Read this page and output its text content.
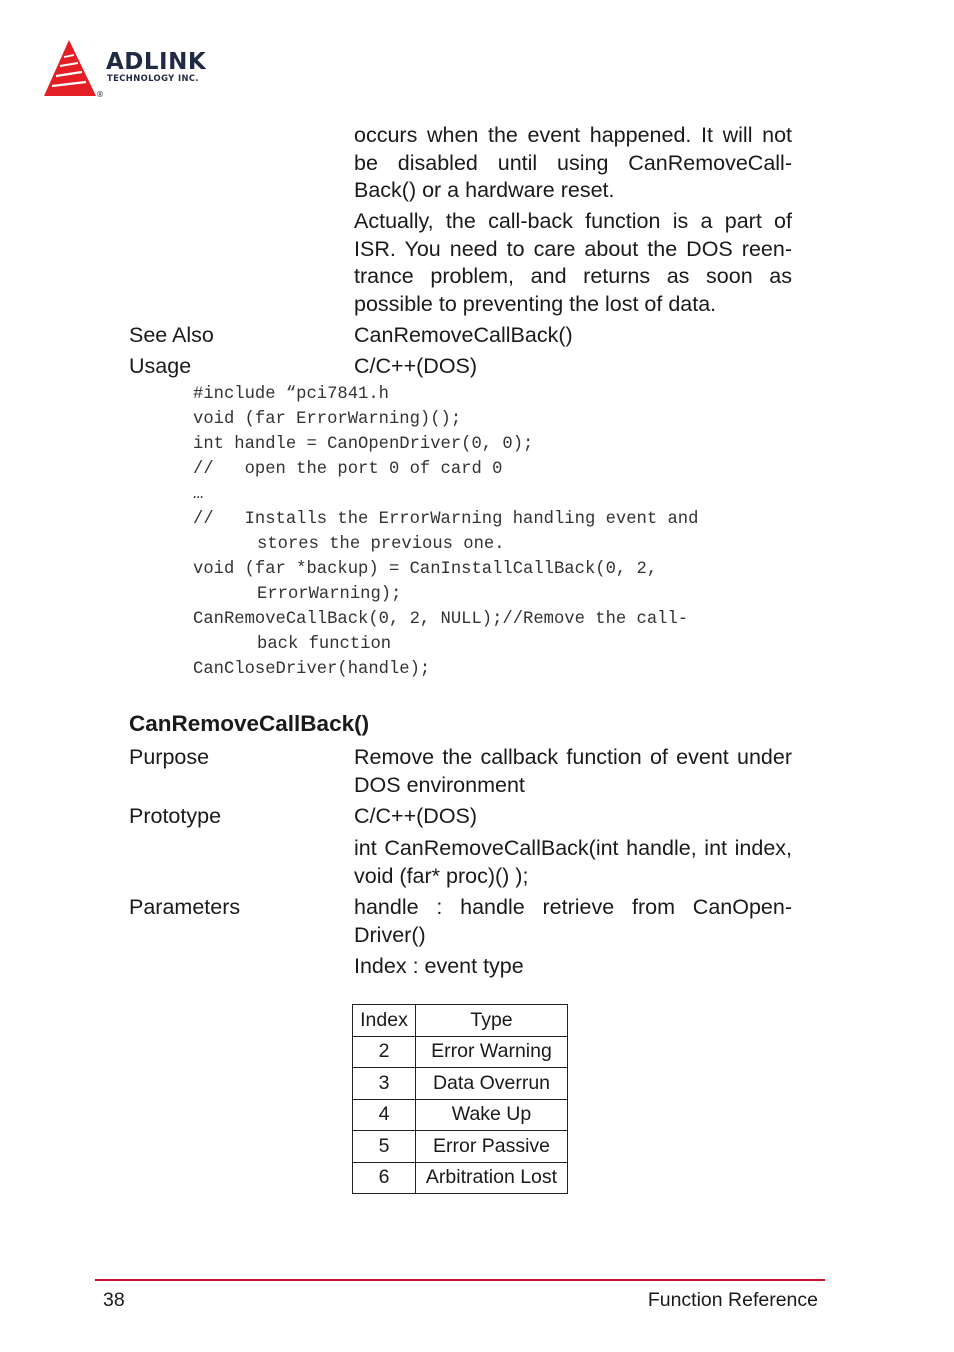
ADLINK
TECHNOLOGY INC.
®
occurs when the event happened. It will not be disabled until using CanRemoveCall-Back() or a hardware reset.
Actually, the call-back function is a part of ISR. You need to care about the DOS reen-trance problem, and returns as soon as possible to preventing the lost of data.
See Also	CanRemoveCallBack()
Usage	C/C++(DOS)
#include “pci7841.h
void (far ErrorWarning)();
int handle = CanOpenDriver(0, 0);
//   open the port 0 of card 0
…
//   Installs the ErrorWarning handling event and
stores the previous one.
void (far *backup) = CanInstallCallBack(0, 2,
ErrorWarning);
CanRemoveCallBack(0, 2, NULL);//Remove the call-
back function
CanCloseDriver(handle);
CanRemoveCallBack()
Purpose	Remove the callback function of event under DOS environment
Prototype	C/C++(DOS)
int CanRemoveCallBack(int handle, int index, void (far* proc)() );
Parameters	handle : handle retrieve from CanOpen-Driver()
Index : event type
Index	Type
2	Error Warning
3	Data Overrun
4	Wake Up
5	Error Passive
6	Arbitration Lost
38	Function Reference
